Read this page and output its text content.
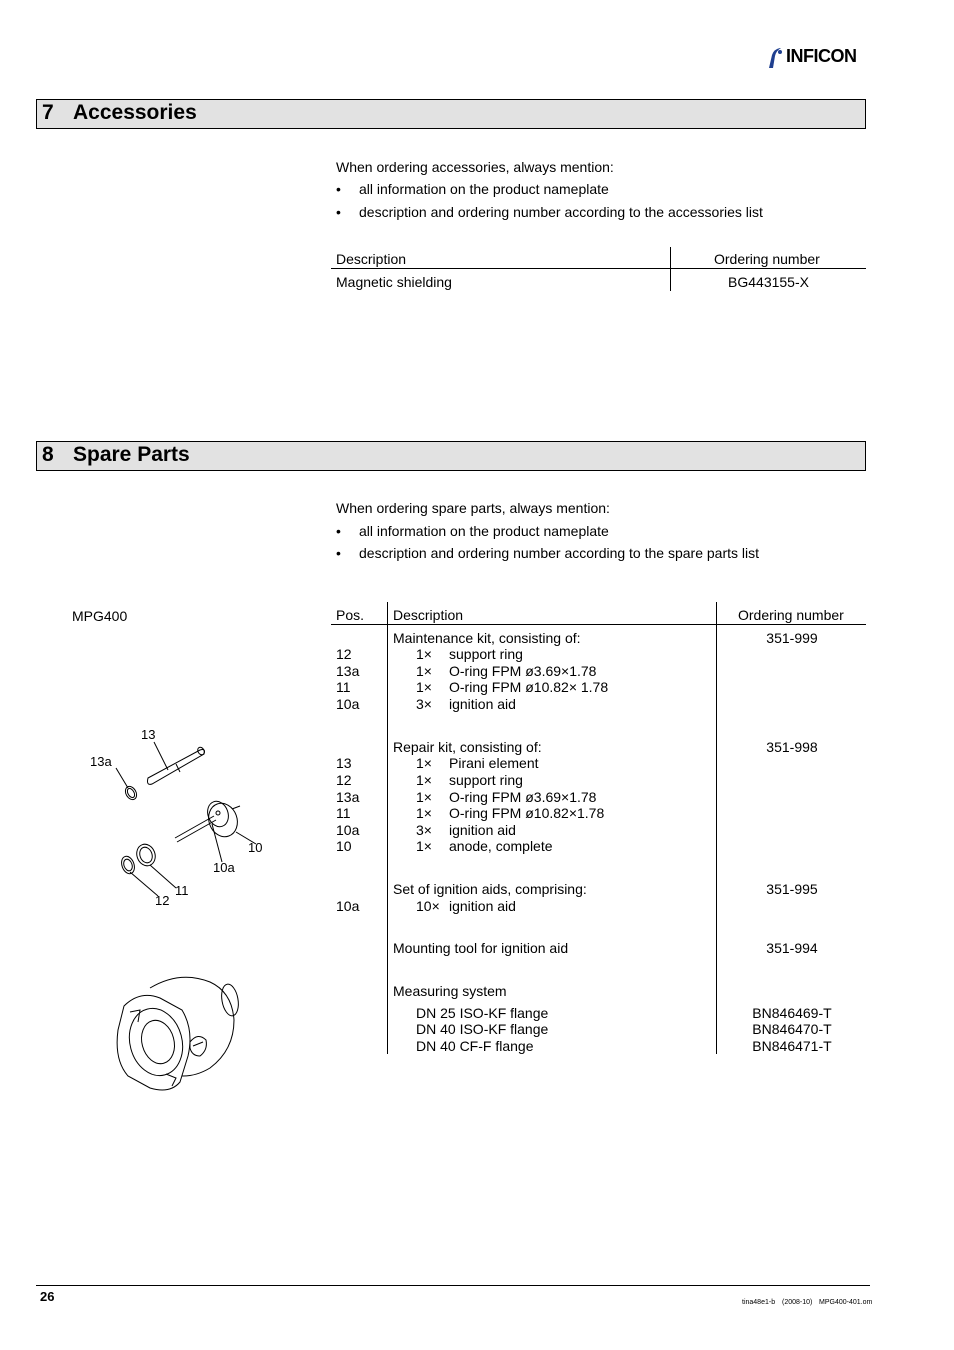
INFICON
7 Accessories
When ordering accessories, always mention:
• all information on the product nameplate
• description and ordering number according to the accessories list
Description	Ordering number
Magnetic shielding	BG443155-X
8 Spare Parts
When ordering spare parts, always mention:
• all information on the product nameplate
• description and ordering number according to the spare parts list
MPG400
13
13a
10
10a
11
12
Pos. Description	Ordering number
Maintenance kit, consisting of:	351-999
12	1× support ring
13a	1× O-ring FPM ø3.69×1.78
11	1× O-ring FPM ø10.82× 1.78
10a	3× ignition aid
Repair kit, consisting of:	351-998
13	1× Pirani element
12	1× support ring
13a	1× O-ring FPM ø3.69×1.78
11	1× O-ring FPM ø10.82×1.78
10a	3× ignition aid
10	1× anode, complete
Set of ignition aids, comprising:	351-995
10a	10× ignition aid
Mounting tool for ignition aid	351-994
Measuring system
DN 25 ISO-KF flange	BN846469-T
DN 40 ISO-KF flange	BN846470-T
DN 40 CF-F flange	BN846471-T
26	tina48e1-b (2008-10) MPG400-401.om
